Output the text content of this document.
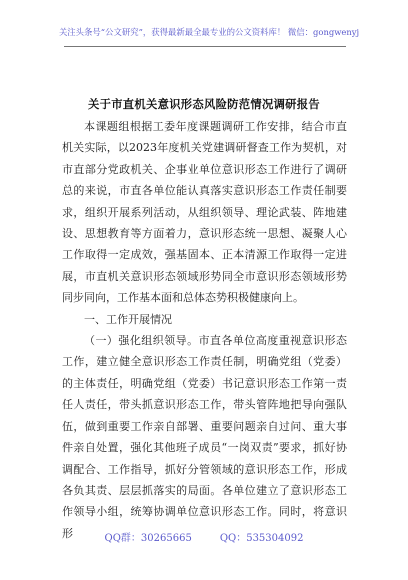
关注头条号“公文研究”，获得最新最全最专业的公文资料库！ 微信：gongwenyj
关于市直机关意识形态风险防范情况调研报告

本课题组根据工委年度课题调研工作安排，结合市直机关实际，以2023年度机关党建调研督查工作为契机，对市直部分党政机关、企事业单位意识形态工作进行了调研总的来说，市直各单位能认真落实意识形态工作责任制要求，组织开展系列活动，从组织领导、理论武装、阵地建设、思想教育等方面着力，意识形态统一思想、凝聚人心工作取得一定成效，强基固本、正本清源工作取得一定进展，市直机关意识形态领域形势同全市意识形态领域形势同步同向，工作基本面和总体态势积极健康向上。

一、工作开展情况

（一）强化组织领导。市直各单位高度重视意识形态工作，建立健全意识形态工作责任制，明确党组（党委）的主体责任，明确党组（党委）书记意识形态工作第一责任人责任，带头抓意识形态工作，带头管阵地把导向强队伍，做到重要工作亲自部署、重要问题亲自过问、重大事件亲自处置，强化其他班子成员“一岗双责”要求，抓好协调配合、工作指导，抓好分管领域的意识形态工作，形成各负其责、层层抓落实的局面。各单位建立了意识形态工作领导小组，统筹协调单位意识形态工作。同时，将意识形	QQ群：30265665	QQ：535304092
